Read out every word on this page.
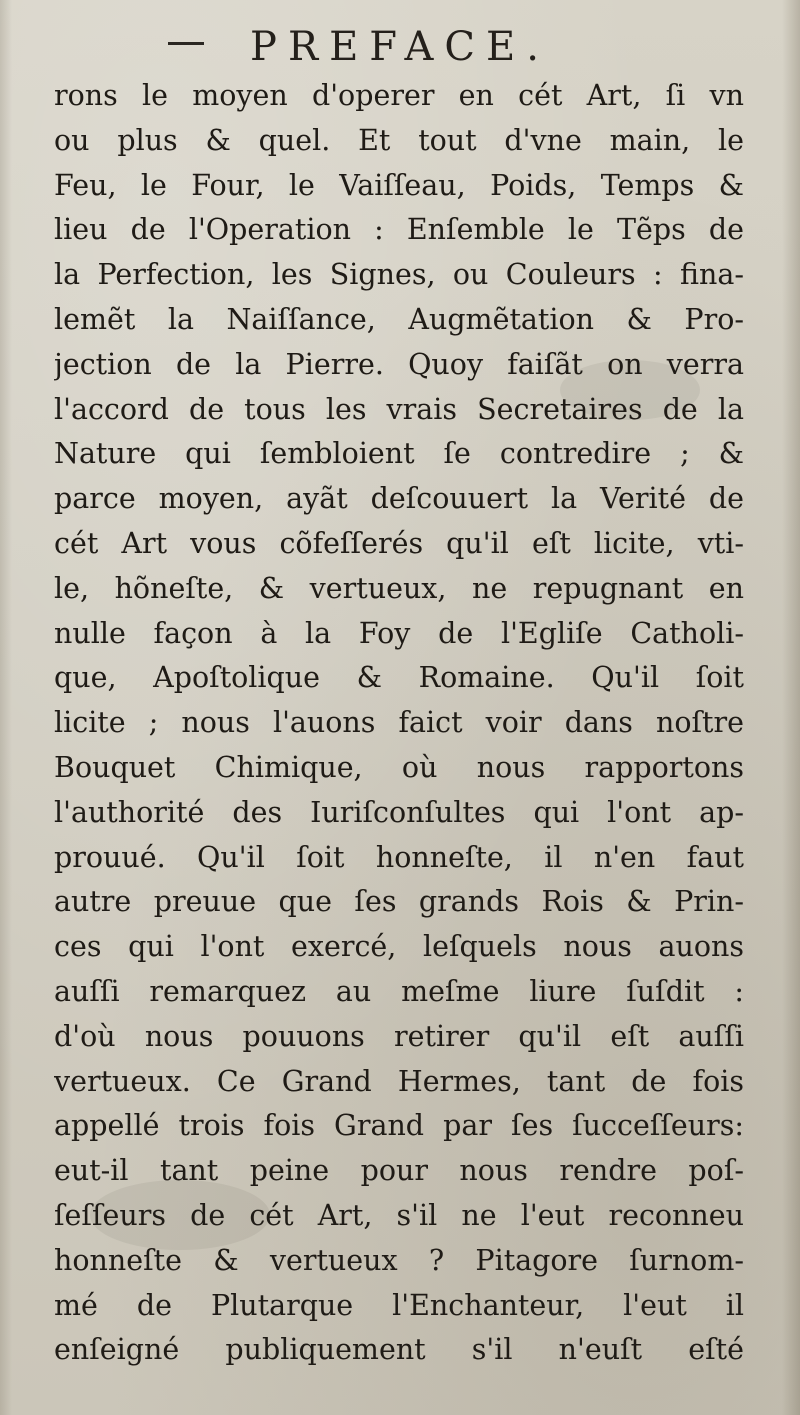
PREFACE.
rons le moyen d'operer en cét Art, ſi vn
ou plus & quel. Et tout d'vne main, le
Feu, le Four, le Vaiſſeau, Poids, Temps &
lieu de l'Operation : Enſemble le Tẽps de
la Perfection, les Signes, ou Couleurs : fina-
lemẽt la Naiſſance, Augmẽtation & Pro-
jection de la Pierre. Quoy faiſãt on verra
l'accord de tous les vrais Secretaires de la
Nature qui ſembloient ſe contredire ; &
parce moyen, ayãt deſcouuert la Verité de
cét Art vous cõfeſſerés qu'il eſt licite, vti-
le, hõneſte, & vertueux, ne repugnant en
nulle façon à la Foy de l'Egliſe Catholi-
que, Apoſtolique & Romaine. Qu'il ſoit
licite ; nous l'auons faict voir dans noſtre
Bouquet Chimique, où nous rapportons
l'authorité des Iuriſconſultes qui l'ont ap-
prouué. Qu'il ſoit honneſte, il n'en faut
autre preuue que ſes grands Rois & Prin-
ces qui l'ont exercé, leſquels nous auons
auſſi remarquez au meſme liure ſuſdit :
d'où nous pouuons retirer qu'il eſt auſſi
vertueux. Ce Grand Hermes, tant de fois
appellé trois fois Grand par ſes ſucceſſeurs:
eut-il tant peine pour nous rendre poſ-
ſeſſeurs de cét Art, s'il ne l'eut reconneu
honneſte & vertueux ? Pitagore ſurnom-
mé de Plutarque l'Enchanteur, l'eut il
enſeigné publiquement s'il n'euſt eſté
